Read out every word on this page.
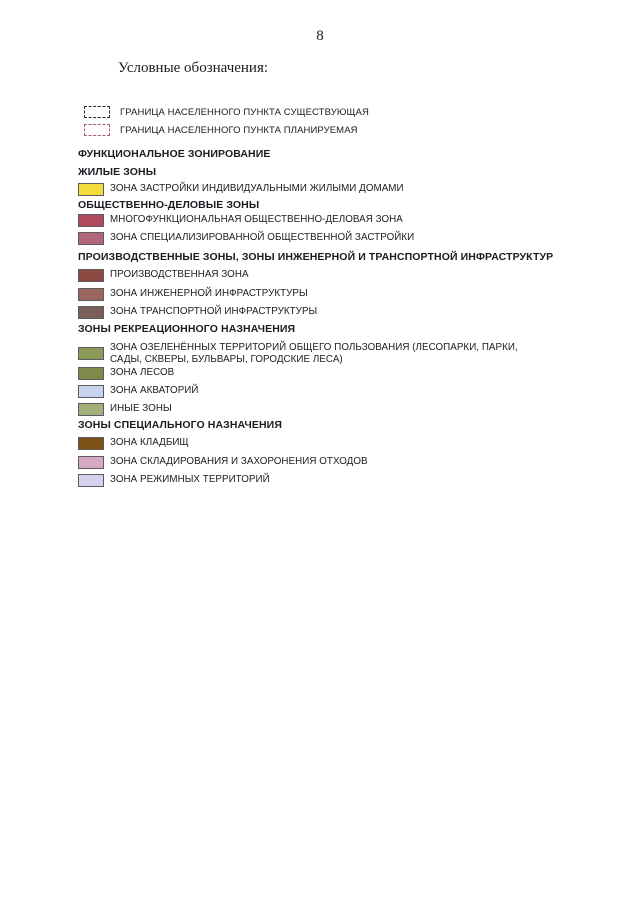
8
Условные обозначения:
ГРАНИЦА НАСЕЛЕННОГО ПУНКТА СУЩЕСТВУЮЩАЯ
ГРАНИЦА НАСЕЛЕННОГО ПУНКТА ПЛАНИРУЕМАЯ
ФУНКЦИОНАЛЬНОЕ ЗОНИРОВАНИЕ
ЖИЛЫЕ ЗОНЫ
ЗОНА ЗАСТРОЙКИ ИНДИВИДУАЛЬНЫМИ ЖИЛЫМИ ДОМАМИ
ОБЩЕСТВЕННО-ДЕЛОВЫЕ ЗОНЫ
МНОГОФУНКЦИОНАЛЬНАЯ ОБЩЕСТВЕННО-ДЕЛОВАЯ ЗОНА
ЗОНА СПЕЦИАЛИЗИРОВАННОЙ ОБЩЕСТВЕННОЙ ЗАСТРОЙКИ
ПРОИЗВОДСТВЕННЫЕ ЗОНЫ, ЗОНЫ ИНЖЕНЕРНОЙ И ТРАНСПОРТНОЙ ИНФРАСТРУКТУР
ПРОИЗВОДСТВЕННАЯ ЗОНА
ЗОНА ИНЖЕНЕРНОЙ ИНФРАСТРУКТУРЫ
ЗОНА ТРАНСПОРТНОЙ ИНФРАСТРУКТУРЫ
ЗОНЫ РЕКРЕАЦИОННОГО НАЗНАЧЕНИЯ
ЗОНА ОЗЕЛЕНЁННЫХ ТЕРРИТОРИЙ ОБЩЕГО ПОЛЬЗОВАНИЯ (ЛЕСОПАРКИ, ПАРКИ, САДЫ, СКВЕРЫ, БУЛЬВАРЫ, ГОРОДСКИЕ ЛЕСА)
ЗОНА ЛЕСОВ
ЗОНА АКВАТОРИЙ
ИНЫЕ ЗОНЫ
ЗОНЫ СПЕЦИАЛЬНОГО НАЗНАЧЕНИЯ
ЗОНА КЛАДБИЩ
ЗОНА СКЛАДИРОВАНИЯ И ЗАХОРОНЕНИЯ ОТХОДОВ
ЗОНА РЕЖИМНЫХ ТЕРРИТОРИЙ
